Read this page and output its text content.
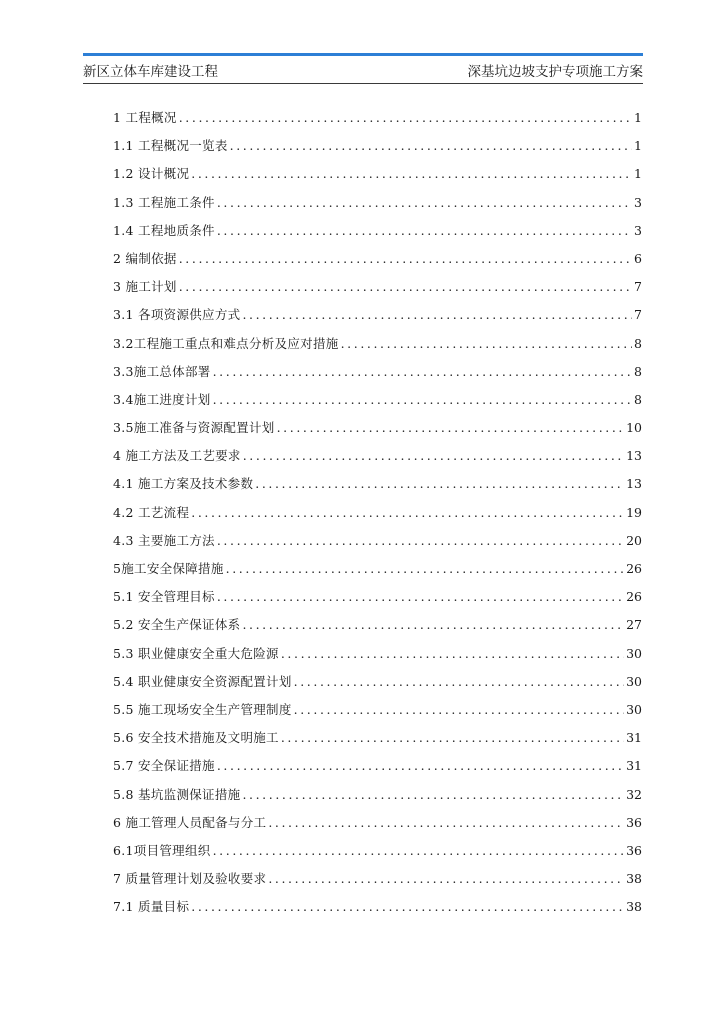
新区立体车库建设工程	深基坑边坡支护专项施工方案
1 工程概况 .....	1
1.1 工程概况一览表 .....	1
1.2 设计概况 .....	1
1.3 工程施工条件 .....	3
1.4 工程地质条件 .....	3
2 编制依据 .....	6
3 施工计划 .....	7
3.1 各项资源供应方式 .....	7
3.2工程施工重点和难点分析及应对措施 .....	8
3.3施工总体部署 .....	8
3.4施工进度计划 .....	8
3.5施工准备与资源配置计划 .....	10
4 施工方法及工艺要求 .....	13
4.1 施工方案及技术参数 .....	13
4.2 工艺流程 .....	19
4.3 主要施工方法 .....	20
5施工安全保障措施 .....	26
5.1 安全管理目标 .....	26
5.2 安全生产保证体系 .....	27
5.3 职业健康安全重大危险源 .....	30
5.4 职业健康安全资源配置计划 .....	30
5.5 施工现场安全生产管理制度 .....	30
5.6 安全技术措施及文明施工 .....	31
5.7 安全保证措施 .....	31
5.8 基坑监测保证措施 .....	32
6 施工管理人员配备与分工 .....	36
6.1项目管理组织 .....	36
7 质量管理计划及验收要求 .....	38
7.1 质量目标 .....	38
